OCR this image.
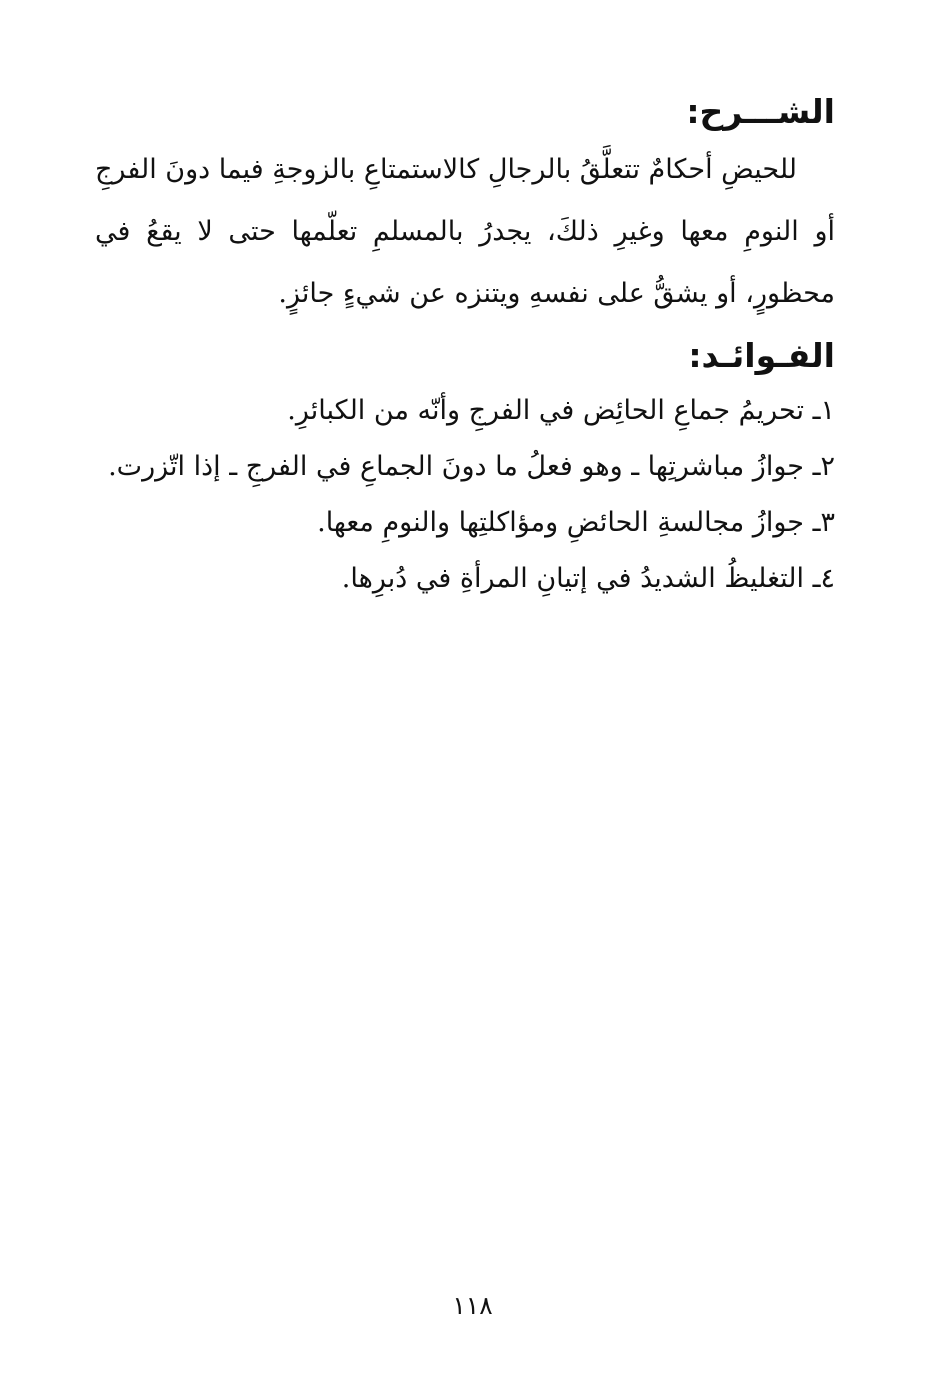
الشـــرح:

للحيضِ أحكامٌ تتعلَّقُ بالرجالِ كالاستمتاعِ بالزوجةِ فيما دونَ الفرجِ أو النومِ معها وغيرِ ذلكَ، يجدرُ بالمسلمِ تعلّمها حتى لا يقعُ في محظورٍ، أو يشقُّ على نفسهِ ويتنزه عن شيءٍ جائزٍ.

الفـوائـد:
١ـ تحريمُ جماعِ الحائِض في الفرجِ وأنّه من الكبائرِ.
٢ـ جوازُ مباشرتِها ـ وهو فعلُ ما دونَ الجماعِ في الفرجِ ـ إذا اتّزرت.
٣ـ جوازُ مجالسةِ الحائضِ ومؤاكلتِها والنومِ معها.
٤ـ التغليظُ الشديدُ في إتيانِ المرأةِ في دُبرِها.
١١٨
